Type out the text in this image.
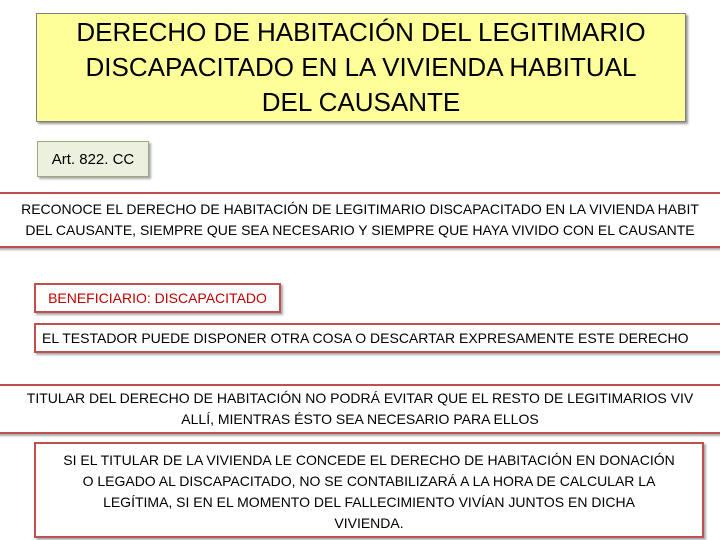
DERECHO DE HABITACIÓN DEL LEGITIMARIO
DISCAPACITADO EN LA VIVIENDA HABITUAL
DEL CAUSANTE
Art. 822. CC
RECONOCE EL DERECHO DE HABITACIÓN DE LEGITIMARIO DISCAPACITADO EN LA VIVIENDA HABIT
DEL CAUSANTE, SIEMPRE QUE SEA NECESARIO Y SIEMPRE QUE HAYA VIVIDO CON EL CAUSANTE
BENEFICIARIO: DISCAPACITADO
EL TESTADOR PUEDE DISPONER OTRA COSA O DESCARTAR EXPRESAMENTE ESTE DERECHO
TITULAR DEL DERECHO DE HABITACIÓN NO PODRÁ EVITAR QUE EL RESTO DE LEGITIMARIOS VIV
ALLÍ, MIENTRAS ÉSTO SEA NECESARIO PARA ELLOS
SI EL TITULAR DE LA VIVIENDA LE CONCEDE EL DERECHO DE HABITACIÓN EN DONACIÓN
O LEGADO AL DISCAPACITADO, NO SE CONTABILIZARÁ A LA HORA DE CALCULAR LA
LEGÍTIMA, SI EN EL MOMENTO DEL FALLECIMIENTO VIVÍAN JUNTOS EN DICHA
VIVIENDA.
